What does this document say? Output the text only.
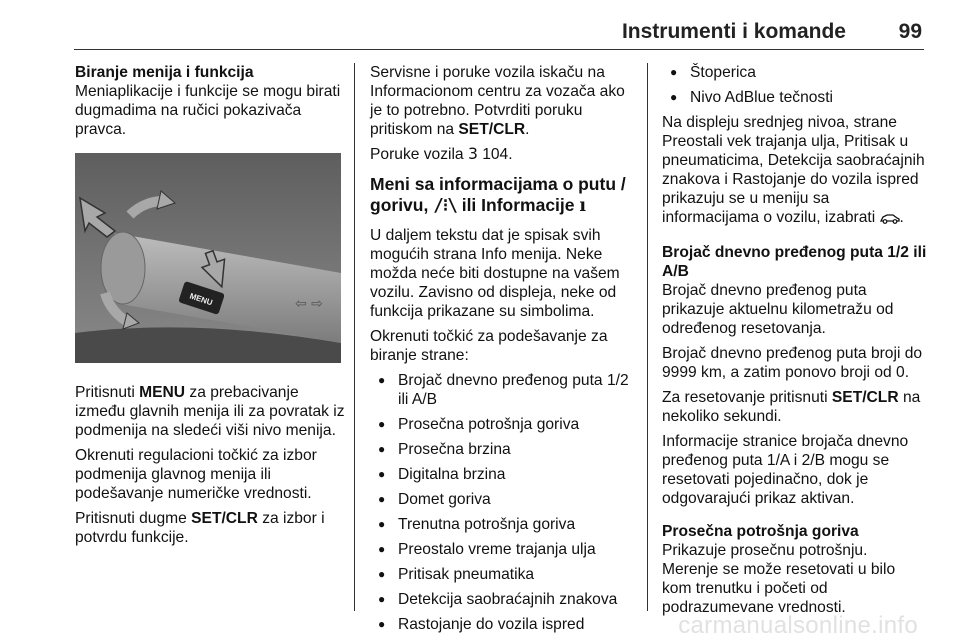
Instrumenti i komande	99

Biranje menija i funkcija

Meniaplikacije i funkcije se mogu birati dugmadima na ručici pokazivača pravca.

MENU	⇦ ⇨

Pritisnuti MENU za prebacivanje između glavnih menija ili za povratak iz podmenija na sledeći viši nivo menija.

Okrenuti regulacioni točkić za izbor podmenija glavnog menija ili podešavanje numeričke vrednosti.

Pritisnuti dugme SET/CLR za izbor i potvrdu funkcije.

Servisne i poruke vozila iskaču na Informacionom centru za vozača ako je to potrebno. Potvrditi poruku pritiskom na SET/CLR.

Poruke vozila 3 104.

Meni sa informacijama o putu /
gorivu, /⁝\ ili Informacije ı

U daljem tekstu dat je spisak svih mogućih strana Info menija. Neke možda neće biti dostupne na vašem vozilu. Zavisno od displeja, neke od funkcija prikazane su simbolima.

Okrenuti točkić za podešavanje za biranje strane:

● Brojač dnevno pređenog puta 1/2 ili A/B
● Prosečna potrošnja goriva
● Prosečna brzina
● Digitalna brzina
● Domet goriva
● Trenutna potrošnja goriva
● Preostalo vreme trajanja ulja
● Pritisak pneumatika
● Detekcija saobraćajnih znakova
● Rastojanje do vozila ispred
● Štoperica
● Nivo AdBlue tečnosti

Na displeju srednjeg nivoa, strane Preostali vek trajanja ulja, Pritisak u pneumaticima, Detekcija saobraćajnih znakova i Rastojanje do vozila ispred prikazuju se u meniju sa informacijama o vozilu, izabrati .

Brojač dnevno pređenog puta 1/2 ili A/B

Brojač dnevno pređenog puta prikazuje aktuelnu kilometražu od određenog resetovanja.

Brojač dnevno pređenog puta broji do 9999 km, a zatim ponovo broji od 0.

Za resetovanje pritisnuti SET/CLR na nekoliko sekundi.

Informacije stranice brojača dnevno pređenog puta 1/A i 2/B mogu se resetovati pojedinačno, dok je odgovarajući prikaz aktivan.

Prosečna potrošnja goriva

Prikazuje prosečnu potrošnju. Merenje se može resetovati u bilo kom trenutku i početi od podrazumevane vrednosti.

carmanualsonline.info
